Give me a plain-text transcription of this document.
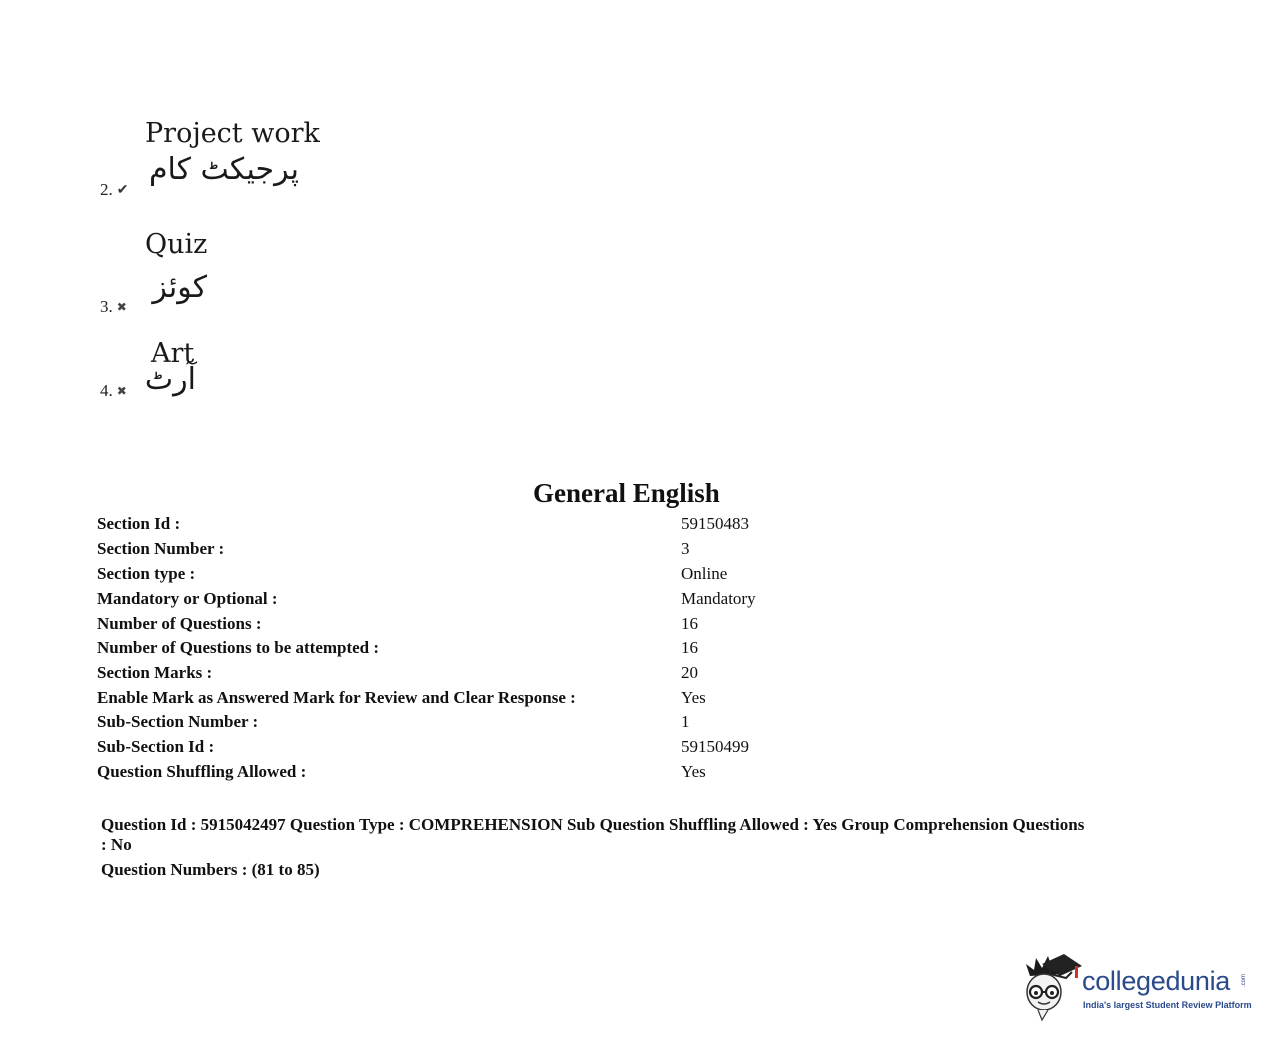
Project work
پرجیکٹ کام
2. ✔
Quiz
کوئز
3. ✖
Art
آرٹ
4. ✖
General English
Section Id :	59150483
Section Number :	3
Section type :	Online
Mandatory or Optional :	Mandatory
Number of Questions :	16
Number of Questions to be attempted :	16
Section Marks :	20
Enable Mark as Answered Mark for Review and Clear Response :	Yes
Sub-Section Number :	1
Sub-Section Id :	59150499
Question Shuffling Allowed :	Yes
Question Id : 5915042497 Question Type : COMPREHENSION Sub Question Shuffling Allowed : Yes Group Comprehension Questions
: No
Question Numbers : (81 to 85)
collegedunia .com
India's largest Student Review Platform
